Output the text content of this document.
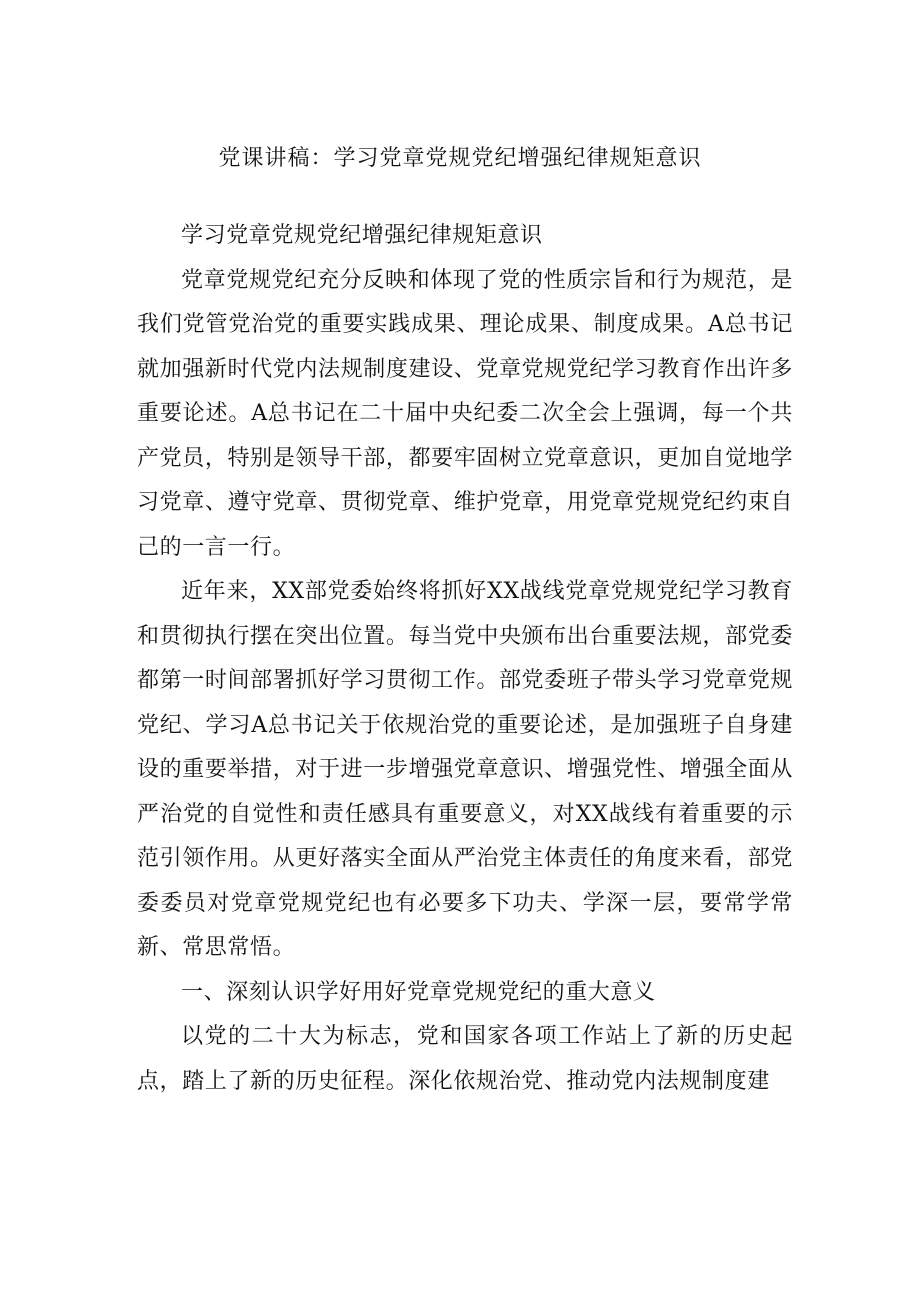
党课讲稿：学习党章党规党纪增强纪律规矩意识

学习党章党规党纪增强纪律规矩意识

党章党规党纪充分反映和体现了党的性质宗旨和行为规范，是我们党管党治党的重要实践成果、理论成果、制度成果。A总书记就加强新时代党内法规制度建设、党章党规党纪学习教育作出许多重要论述。A总书记在二十届中央纪委二次全会上强调，每一个共产党员，特别是领导干部，都要牢固树立党章意识，更加自觉地学习党章、遵守党章、贯彻党章、维护党章，用党章党规党纪约束自己的一言一行。

近年来，XX部党委始终将抓好XX战线党章党规党纪学习教育和贯彻执行摆在突出位置。每当党中央颁布出台重要法规，部党委都第一时间部署抓好学习贯彻工作。部党委班子带头学习党章党规党纪、学习A总书记关于依规治党的重要论述，是加强班子自身建设的重要举措，对于进一步增强党章意识、增强党性、增强全面从严治党的自觉性和责任感具有重要意义，对XX战线有着重要的示范引领作用。从更好落实全面从严治党主体责任的角度来看，部党委委员对党章党规党纪也有必要多下功夫、学深一层，要常学常新、常思常悟。

一、深刻认识学好用好党章党规党纪的重大意义

以党的二十大为标志，党和国家各项工作站上了新的历史起点，踏上了新的历史征程。深化依规治党、推动党内法规制度建
